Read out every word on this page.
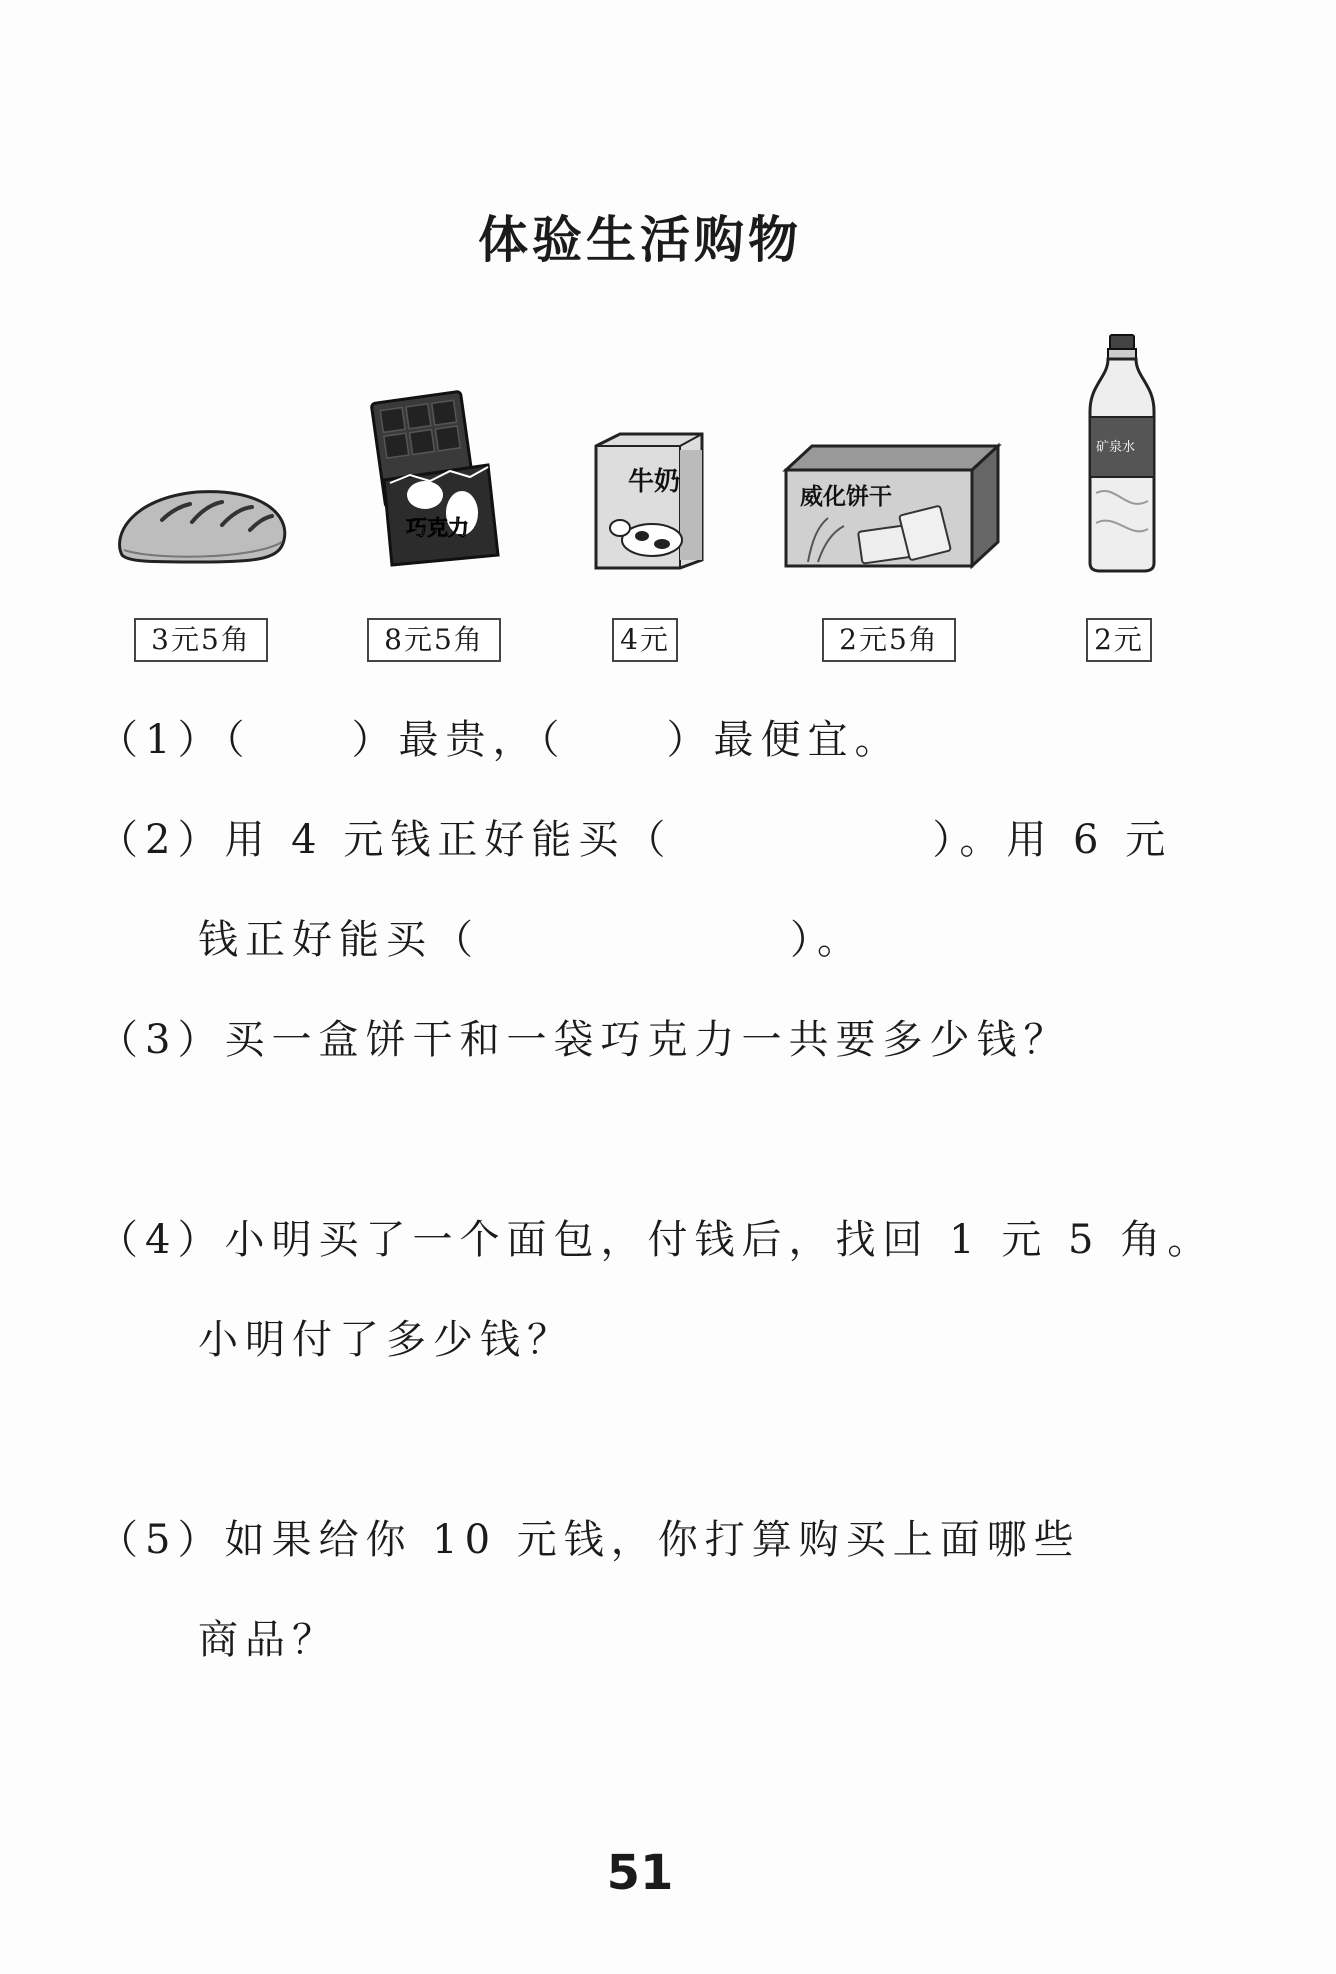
体验生活购物
巧克力
牛奶	威化饼干
矿泉水
3元5角	8元5角	4元	2元5角	2元
（1）（	）最贵，（	）最便宜。
（2）用 4 元钱正好能买（	）。用 6 元
钱正好能买（	）。
（3）买一盒饼干和一袋巧克力一共要多少钱？
（4）小明买了一个面包，付钱后，找回 1 元 5 角。
小明付了多少钱？
（5）如果给你 10 元钱，你打算购买上面哪些
商品？
51
